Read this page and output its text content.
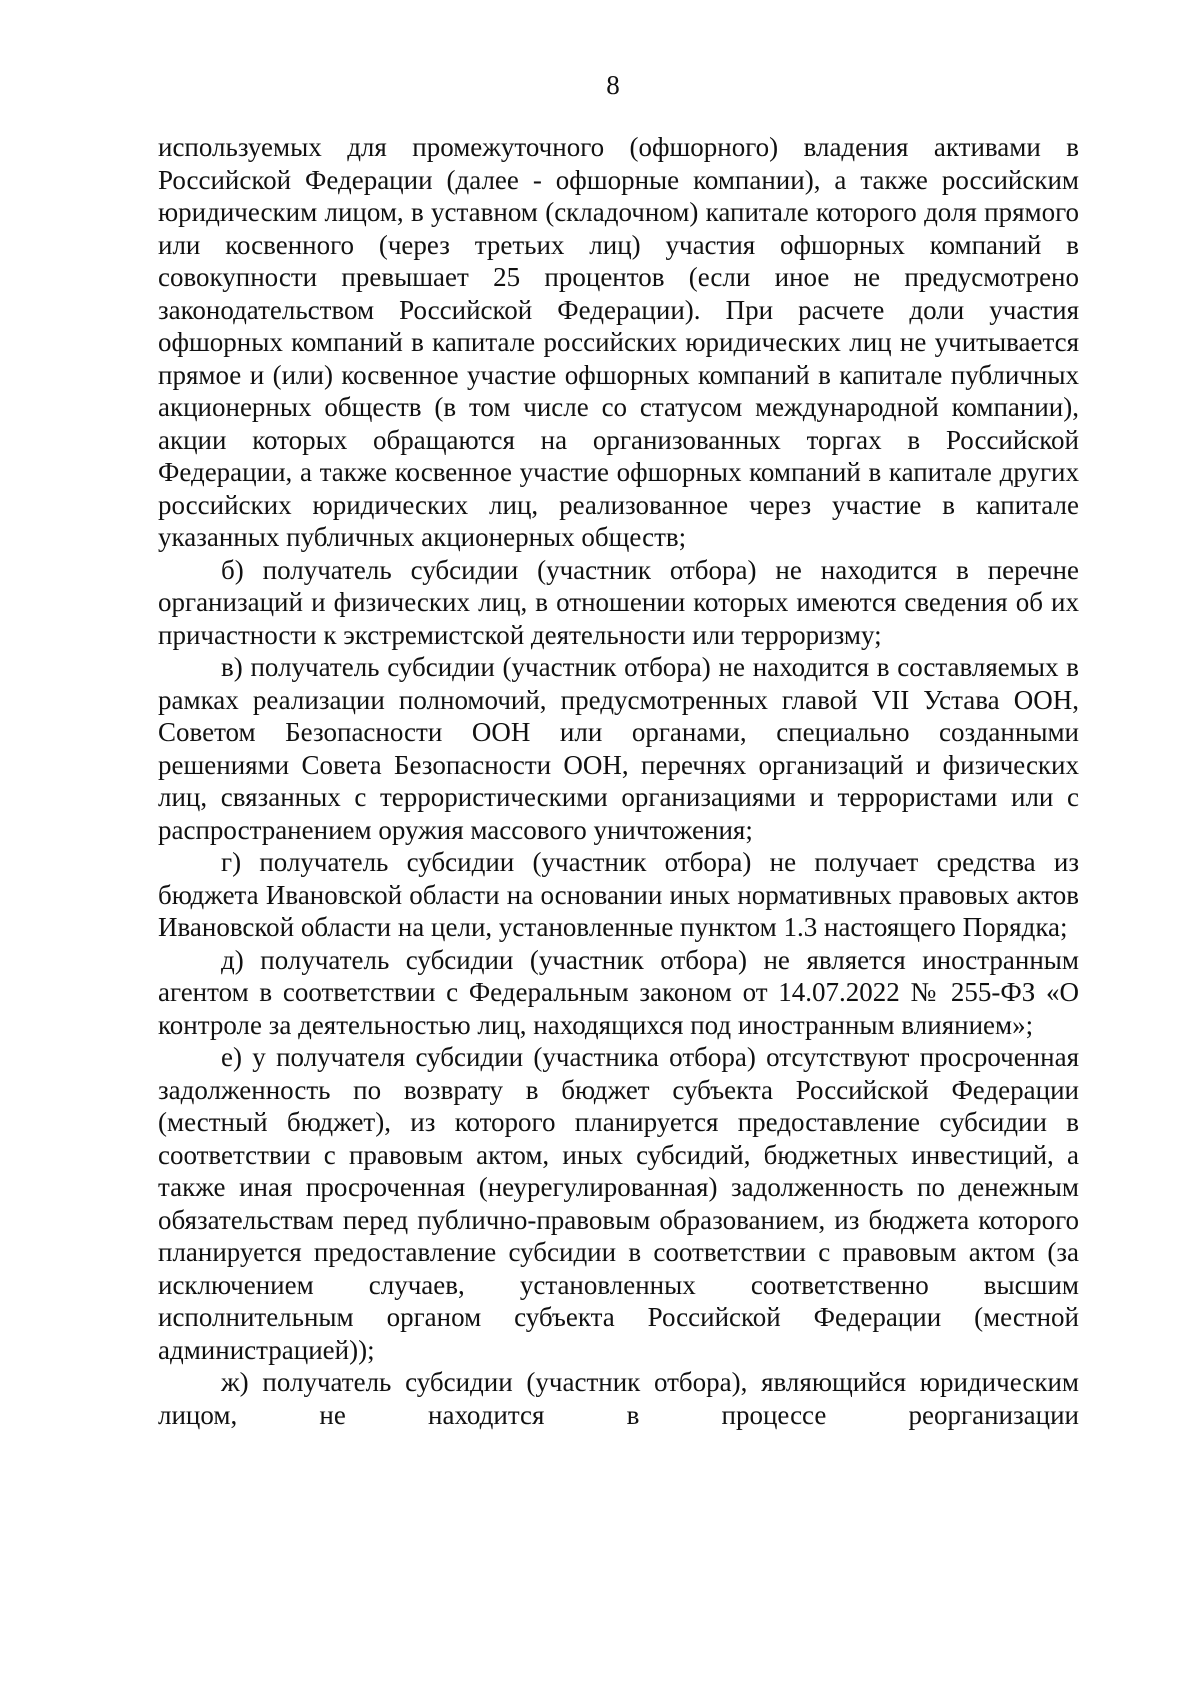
8

используемых для промежуточного (офшорного) владения активами в Российской Федерации (далее - офшорные компании), а также российским юридическим лицом, в уставном (складочном) капитале которого доля прямого или косвенного (через третьих лиц) участия офшорных компаний в совокупности превышает 25 процентов (если иное не предусмотрено законодательством Российской Федерации). При расчете доли участия офшорных компаний в капитале российских юридических лиц не учитывается прямое и (или) косвенное участие офшорных компаний в капитале публичных акционерных обществ (в том числе со статусом международной компании), акции которых обращаются на организованных торгах в Российской Федерации, а также косвенное участие офшорных компаний в капитале других российских юридических лиц, реализованное через участие в капитале указанных публичных акционерных обществ;

б) получатель субсидии (участник отбора) не находится в перечне организаций и физических лиц, в отношении которых имеются сведения об их причастности к экстремистской деятельности или терроризму;

в) получатель субсидии (участник отбора) не находится в составляемых в рамках реализации полномочий, предусмотренных главой VII Устава ООН, Советом Безопасности ООН или органами, специально созданными решениями Совета Безопасности ООН, перечнях организаций и физических лиц, связанных с террористическими организациями и террористами или с распространением оружия массового уничтожения;

г) получатель субсидии (участник отбора) не получает средства из бюджета Ивановской области на основании иных нормативных правовых актов Ивановской области на цели, установленные пунктом 1.3 настоящего Порядка;

д) получатель субсидии (участник отбора) не является иностранным агентом в соответствии с Федеральным законом от 14.07.2022 № 255-ФЗ «О контроле за деятельностью лиц, находящихся под иностранным влиянием»;

е) у получателя субсидии (участника отбора) отсутствуют просроченная задолженность по возврату в бюджет субъекта Российской Федерации (местный бюджет), из которого планируется предоставление субсидии в соответствии с правовым актом, иных субсидий, бюджетных инвестиций, а также иная просроченная (неурегулированная) задолженность по денежным обязательствам перед публично-правовым образованием, из бюджета которого планируется предоставление субсидии в соответствии с правовым актом (за исключением случаев, установленных соответственно высшим исполнительным органом субъекта Российской Федерации (местной администрацией));

ж) получатель субсидии (участник отбора), являющийся юридическим лицом, не находится в процессе реорганизации
